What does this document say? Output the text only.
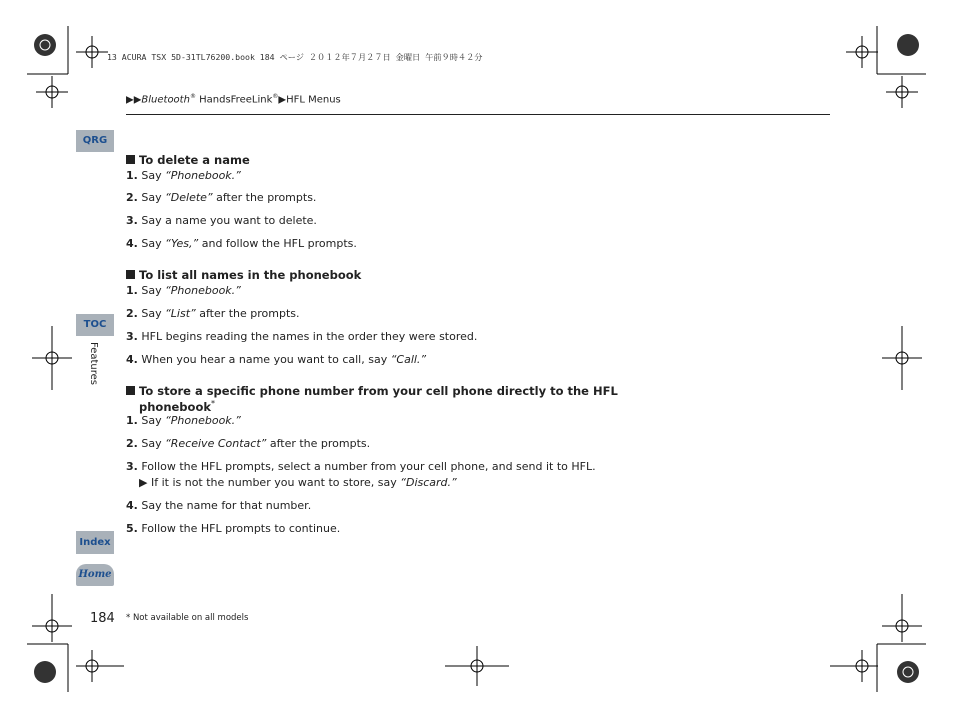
13 ACURA TSX 5D-31TL76200.book 184 ページ ２０１２年７月２７日 金曜日 午前９時４２分
▶▶Bluetooth® HandsFreeLink®▶HFL Menus
QRG
TOC
Features
Index
Home
To delete a name
1. Say “Phonebook.”
2. Say “Delete” after the prompts.
3. Say a name you want to delete.
4. Say “Yes,” and follow the HFL prompts.
To list all names in the phonebook
1. Say “Phonebook.”
2. Say “List” after the prompts.
3. HFL begins reading the names in the order they were stored.
4. When you hear a name you want to call, say “Call.”
To store a specific phone number from your cell phone directly to the HFL
phonebook*
1. Say “Phonebook.”
2. Say “Receive Contact” after the prompts.
3. Follow the HFL prompts, select a number from your cell phone, and send it to HFL.
▶ If it is not the number you want to store, say “Discard.”
4. Say the name for that number.
5. Follow the HFL prompts to continue.
184 * Not available on all models
